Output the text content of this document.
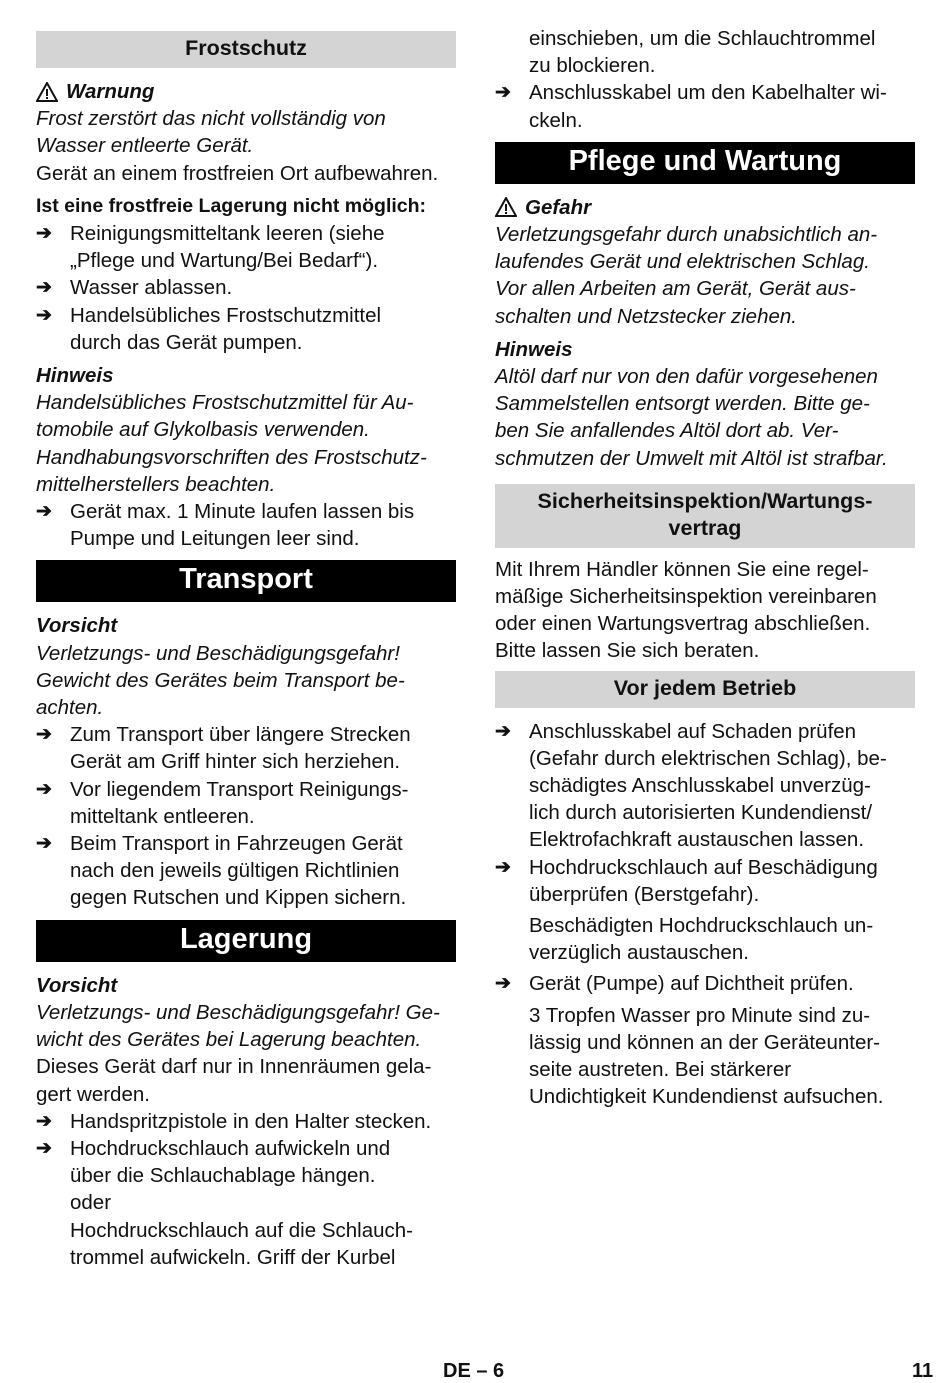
Frostschutz
Warnung
Frost zerstört das nicht vollständig von
Wasser entleerte Gerät.
Gerät an einem frostfreien Ort aufbewahren.
Ist eine frostfreie Lagerung nicht möglich:
➔ Reinigungsmitteltank leeren (siehe
„Pflege und Wartung/Bei Bedarf“).
➔ Wasser ablassen.
➔ Handelsübliches Frostschutzmittel
durch das Gerät pumpen.
Hinweis
Handelsübliches Frostschutzmittel für Au-
tomobile auf Glykolbasis verwenden.
Handhabungsvorschriften des Frostschutz-
mittelherstellers beachten.
➔ Gerät max. 1 Minute laufen lassen bis
Pumpe und Leitungen leer sind.
Transport
Vorsicht
Verletzungs- und Beschädigungsgefahr!
Gewicht des Gerätes beim Transport be-
achten.
➔ Zum Transport über längere Strecken
Gerät am Griff hinter sich herziehen.
➔ Vor liegendem Transport Reinigungs-
mitteltank entleeren.
➔ Beim Transport in Fahrzeugen Gerät
nach den jeweils gültigen Richtlinien
gegen Rutschen und Kippen sichern.
Lagerung
Vorsicht
Verletzungs- und Beschädigungsgefahr! Ge-
wicht des Gerätes bei Lagerung beachten.
Dieses Gerät darf nur in Innenräumen gela-
gert werden.
➔ Handspritzpistole in den Halter stecken.
➔ Hochdruckschlauch aufwickeln und
über die Schlauchablage hängen.
oder
Hochdruckschlauch auf die Schlauch-
trommel aufwickeln. Griff der Kurbel
einschieben, um die Schlauchtrommel
zu blockieren.
➔ Anschlusskabel um den Kabelhalter wi-
ckeln.
Pflege und Wartung
Gefahr
Verletzungsgefahr durch unabsichtlich an-
laufendes Gerät und elektrischen Schlag.
Vor allen Arbeiten am Gerät, Gerät aus-
schalten und Netzstecker ziehen.
Hinweis
Altöl darf nur von den dafür vorgesehenen
Sammelstellen entsorgt werden. Bitte ge-
ben Sie anfallendes Altöl dort ab. Ver-
schmutzen der Umwelt mit Altöl ist strafbar.
Sicherheitsinspektion/Wartungs-
vertrag
Mit Ihrem Händler können Sie eine regel-
mäßige Sicherheitsinspektion vereinbaren
oder einen Wartungsvertrag abschließen.
Bitte lassen Sie sich beraten.
Vor jedem Betrieb
➔ Anschlusskabel auf Schaden prüfen
(Gefahr durch elektrischen Schlag), be-
schädigtes Anschlusskabel unverzüg-
lich durch autorisierten Kundendienst/
Elektrofachkraft austauschen lassen.
➔ Hochdruckschlauch auf Beschädigung
überprüfen (Berstgefahr).
Beschädigten Hochdruckschlauch un-
verzüglich austauschen.
➔ Gerät (Pumpe) auf Dichtheit prüfen.
3 Tropfen Wasser pro Minute sind zu-
lässig und können an der Geräteunter-
seite austreten. Bei stärkerer
Undichtigkeit Kundendienst aufsuchen.
DE – 6	11
